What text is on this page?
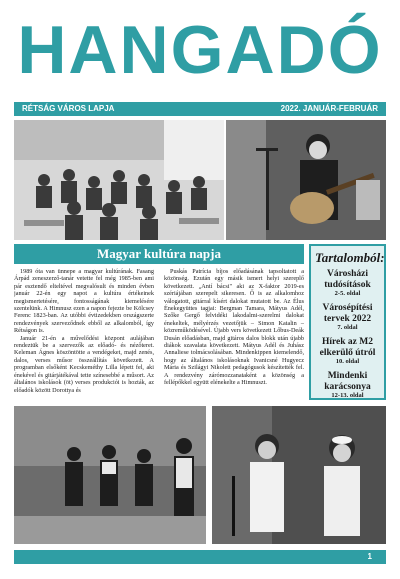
HANGADÓ
RÉTSÁG VÁROS LAPJA	2022. JANUÁR-FEBRUÁR
Magyar kultúra napja

1989 óta van ünnepe a magyar kultúrának. Fasang Árpád zeneszerző-tanár vetette fel még 1985-ben ami pár esztendő elteltével megvalósult és minden évben január 22-én egy napot a kultúra értékeinek megismertetésére, fontosságának kiemelésére szentelünk. A Himnusz ezen a napon fejezte be Kölcsey Ferenc 1823-ban. Az utóbbi évtizedekben országszerte rendezvények szerveződnek ebből az alkalomból, így Rétságon is.

Január 21-én a művelődési központ aulájában rendeztük be a szervezők az előadó- és nézőteret. Keleman Ágnes köszöntötte a vendégeket, majd zenés, dalos, verses műsor összeállítás következett. A programban elsőként Kecskeméthy Lilla lépett fel, aki énekével és gitárjátékával tette színesebbé a műsort. Az általános iskolások (öt) verses produkciói is hozták, az előadók között Dorottya és

Puskás Patrícia bíjos előadásának tapsoltatott a közönség. Ezután egy másik ismert helyi szereplő következett. „Antí bácsi" aki az X-faktor 2019-es szériájában szerepelt sikeresen. Ő is az alkalomhoz válogatott, gitárral kísért dalokat mutatott be. Az Élus Énekegyüttes tagjai: Bergman Tamara, Mátyus Adél, Szőke Gergő felvidéki lakodalmi-szerelmi dalokat énekeltek, mélyérzés vezetőjük – Simon Katalin – közreműködésével. Újabb vers következett Lőbus-Deák Dusán előadásban, majd gitáros dalos blokk után újabb diákok szavalata következett. Mátyus Adél és Juhász Annaliese tolmácsolásában. Mindenkippen kiemelendő, hogy az általános iskolásoknak Ivanicsné Hugyecz Mária és Szilágyi Nikolett pedagógusok készítették fel. A rendezvény zárómozzanataként a közönség a fellépőkkel együtt elénekelte a Himnuszt.

Tartalomból:
Városházi tudósítások
2-5. oldal
Városépítési tervek 2022
7. oldal
Hírek az M2 elkerülő útról
10. oldal
Mindenki karácsonya
12-13. oldal
1
